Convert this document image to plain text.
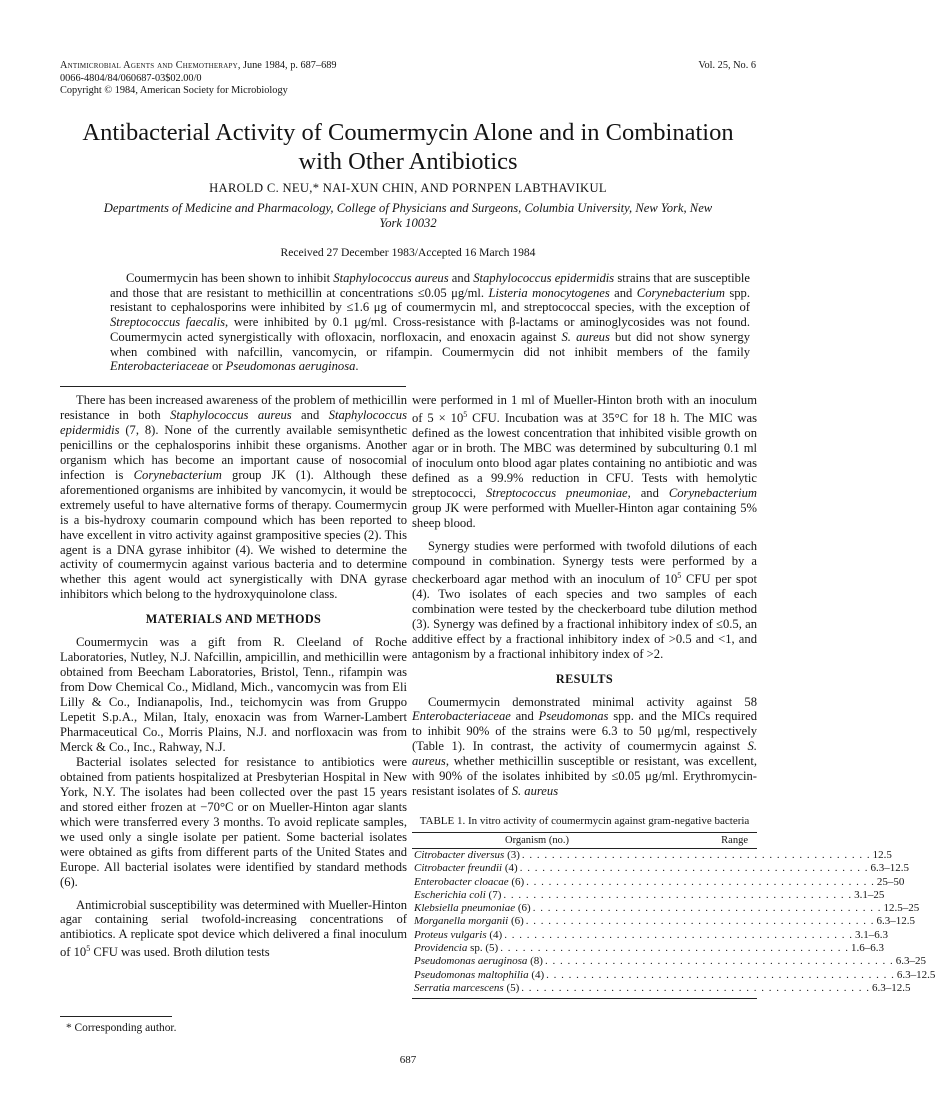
Antimicrobial Agents and Chemotherapy, June 1984, p. 687–689
0066-4804/84/060687-03$02.00/0
Copyright © 1984, American Society for Microbiology
Vol. 25, No. 6
Antibacterial Activity of Coumermycin Alone and in Combination
with Other Antibiotics
HAROLD C. NEU,* NAI-XUN CHIN, AND PORNPEN LABTHAVIKUL
Departments of Medicine and Pharmacology, College of Physicians and Surgeons, Columbia University, New York, New
York 10032
Received 27 December 1983/Accepted 16 March 1984

Coumermycin has been shown to inhibit Staphylococcus aureus and Staphylococcus epidermidis strains that are susceptible and those that are resistant to methicillin at concentrations ≤0.05 μg/ml. Listeria monocytogenes and Corynebacterium spp. resistant to cephalosporins were inhibited by ≤1.6 μg of coumermycin ml, and streptococcal species, with the exception of Streptococcus faecalis, were inhibited by 0.1 μg/ml. Cross-resistance with β-lactams or aminoglycosides was not found. Coumermycin acted synergistically with ofloxacin, norfloxacin, and enoxacin against S. aureus but did not show synergy when combined with nafcillin, vancomycin, or rifampin. Coumermycin did not inhibit members of the family Enterobacteriaceae or Pseudomonas aeruginosa.

There has been increased awareness of the problem of methicillin resistance in both Staphylococcus aureus and Staphylococcus epidermidis (7, 8). None of the currently available semisynthetic penicillins or the cephalosporins inhibit these organisms. Another organism which has become an important cause of nosocomial infection is Corynebacterium group JK (1). Although these aforementioned organisms are inhibited by vancomycin, it would be extremely useful to have alternative forms of therapy. Coumermycin is a bis-hydroxy coumarin compound which has been reported to have excellent in vitro activity against grampositive species (2). This agent is a DNA gyrase inhibitor (4). We wished to determine the activity of coumermycin against various bacteria and to determine whether this agent would act synergistically with DNA gyrase inhibitors which belong to the hydroxyquinolone class.

MATERIALS AND METHODS

Coumermycin was a gift from R. Cleeland of Roche Laboratories, Nutley, N.J. Nafcillin, ampicillin, and methicillin were obtained from Beecham Laboratories, Bristol, Tenn., rifampin was from Dow Chemical Co., Midland, Mich., vancomycin was from Eli Lilly & Co., Indianapolis, Ind., teichomycin was from Gruppo Lepetit S.p.A., Milan, Italy, enoxacin was from Warner-Lambert Pharmaceutical Co., Morris Plains, N.J. and norfloxacin was from Merck & Co., Inc., Rahway, N.J.

Bacterial isolates selected for resistance to antibiotics were obtained from patients hospitalized at Presbyterian Hospital in New York, N.Y. The isolates had been collected over the past 15 years and stored either frozen at −70°C or on Mueller-Hinton agar slants which were transferred every 3 months. To avoid replicate samples, we used only a single isolate per patient. Some bacterial isolates were obtained as gifts from different parts of the United States and Europe. All bacterial isolates were identified by standard methods (6).

Antimicrobial susceptibility was determined with Mueller-Hinton agar containing serial twofold-increasing concentrations of antibiotics. A replicate spot device which delivered a final inoculum of $10^5$ CFU was used. Broth dilution tests

* Corresponding author.

were performed in 1 ml of Mueller-Hinton broth with an inoculum of $5 \times 10^5$ CFU. Incubation was at 35°C for 18 h. The MIC was defined as the lowest concentration that inhibited visible growth on agar or in broth. The MBC was determined by subculturing 0.1 ml of inoculum onto blood agar plates containing no antibiotic and was defined as a 99.9% reduction in CFU. Tests with hemolytic streptococci, Streptococcus pneumoniae, and Corynebacterium group JK were performed with Mueller-Hinton agar containing 5% sheep blood.

Synergy studies were performed with twofold dilutions of each compound in combination. Synergy tests were performed by a checkerboard agar method with an inoculum of $10^5$ CFU per spot (4). Two isolates of each species and two samples of each combination were tested by the checkerboard tube dilution method (3). Synergy was defined by a fractional inhibitory index of ≤0.5, an additive effect by a fractional inhibitory index of >0.5 and <1, and antagonism by a fractional inhibitory index of >2.

RESULTS

Coumermycin demonstrated minimal activity against 58 Enterobacteriaceae and Pseudomonas spp. and the MICs required to inhibit 90% of the strains were 6.3 to 50 μg/ml, respectively (Table 1). In contrast, the activity of coumermycin against S. aureus, whether methicillin susceptible or resistant, was excellent, with 90% of the isolates inhibited by ≤0.05 μg/ml. Erythromycin-resistant isolates of S. aureus

TABLE 1. In vitro activity of coumermycin against gram-negative bacteria
Organism (no.)	Range
Citrobacter diversus (3) . . . . . . . . . . . . . . . . . . . . . . . . . . . . . . . . . . . . . . . . . . . . . . . 12.5
Citrobacter freundii (4) . . . . . . . . . . . . . . . . . . . . . . . . . . . . . . . . . . . . . . . . . . . . . . . 6.3–12.5
Enterobacter cloacae (6) . . . . . . . . . . . . . . . . . . . . . . . . . . . . . . . . . . . . . . . . . . . . . . . 25–50
Escherichia coli (7) . . . . . . . . . . . . . . . . . . . . . . . . . . . . . . . . . . . . . . . . . . . . . . . 3.1–25
Klebsiella pneumoniae (6) . . . . . . . . . . . . . . . . . . . . . . . . . . . . . . . . . . . . . . . . . . . . . . . 12.5–25
Morganella morganii (6) . . . . . . . . . . . . . . . . . . . . . . . . . . . . . . . . . . . . . . . . . . . . . . . 6.3–12.5
Proteus vulgaris (4) . . . . . . . . . . . . . . . . . . . . . . . . . . . . . . . . . . . . . . . . . . . . . . . 3.1–6.3
Providencia sp. (5) . . . . . . . . . . . . . . . . . . . . . . . . . . . . . . . . . . . . . . . . . . . . . . . 1.6–6.3
Pseudomonas aeruginosa (8) . . . . . . . . . . . . . . . . . . . . . . . . . . . . . . . . . . . . . . . . . . . . . . . 6.3–25
Pseudomonas maltophilia (4) . . . . . . . . . . . . . . . . . . . . . . . . . . . . . . . . . . . . . . . . . . . . . . . 6.3–12.5
Serratia marcescens (5) . . . . . . . . . . . . . . . . . . . . . . . . . . . . . . . . . . . . . . . . . . . . . . . 6.3–12.5
687
